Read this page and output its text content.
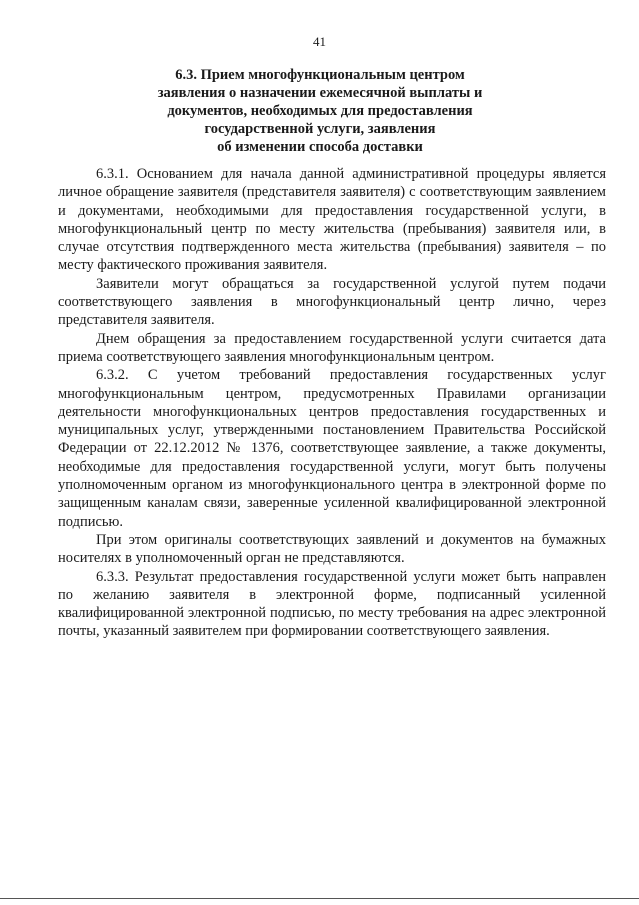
41
6.3. Прием многофункциональным центром
заявления о назначении ежемесячной выплаты и
документов, необходимых для предоставления
государственной услуги, заявления
об изменении способа доставки

6.3.1. Основанием для начала данной административной процедуры является личное обращение заявителя (представителя заявителя) с соответствующим заявлением и документами, необходимыми для предоставления государственной услуги, в многофункциональный центр по месту жительства (пребывания) заявителя или, в случае отсутствия подтвержденного места жительства (пребывания) заявителя – по месту фактического проживания заявителя.

Заявители могут обращаться за государственной услугой путем подачи соответствующего заявления в многофункциональный центр лично, через представителя заявителя.

Днем обращения за предоставлением государственной услуги считается дата приема соответствующего заявления многофункциональным центром.

6.3.2. С учетом требований предоставления государственных услуг многофункциональным центром, предусмотренных Правилами организации деятельности многофункциональных центров предоставления государственных и муниципальных услуг, утвержденными постановлением Правительства Российской Федерации от 22.12.2012 № 1376, соответствующее заявление, а также документы, необходимые для предоставления государственной услуги, могут быть получены уполномоченным органом из многофункционального центра в электронной форме по защищенным каналам связи, заверенные усиленной квалифицированной электронной подписью.

При этом оригиналы соответствующих заявлений и документов на бумажных носителях в уполномоченный орган не представляются.

6.3.3. Результат предоставления государственной услуги может быть направлен по желанию заявителя в электронной форме, подписанный усиленной квалифицированной электронной подписью, по месту требования на адрес электронной почты, указанный заявителем при формировании соответствующего заявления.
